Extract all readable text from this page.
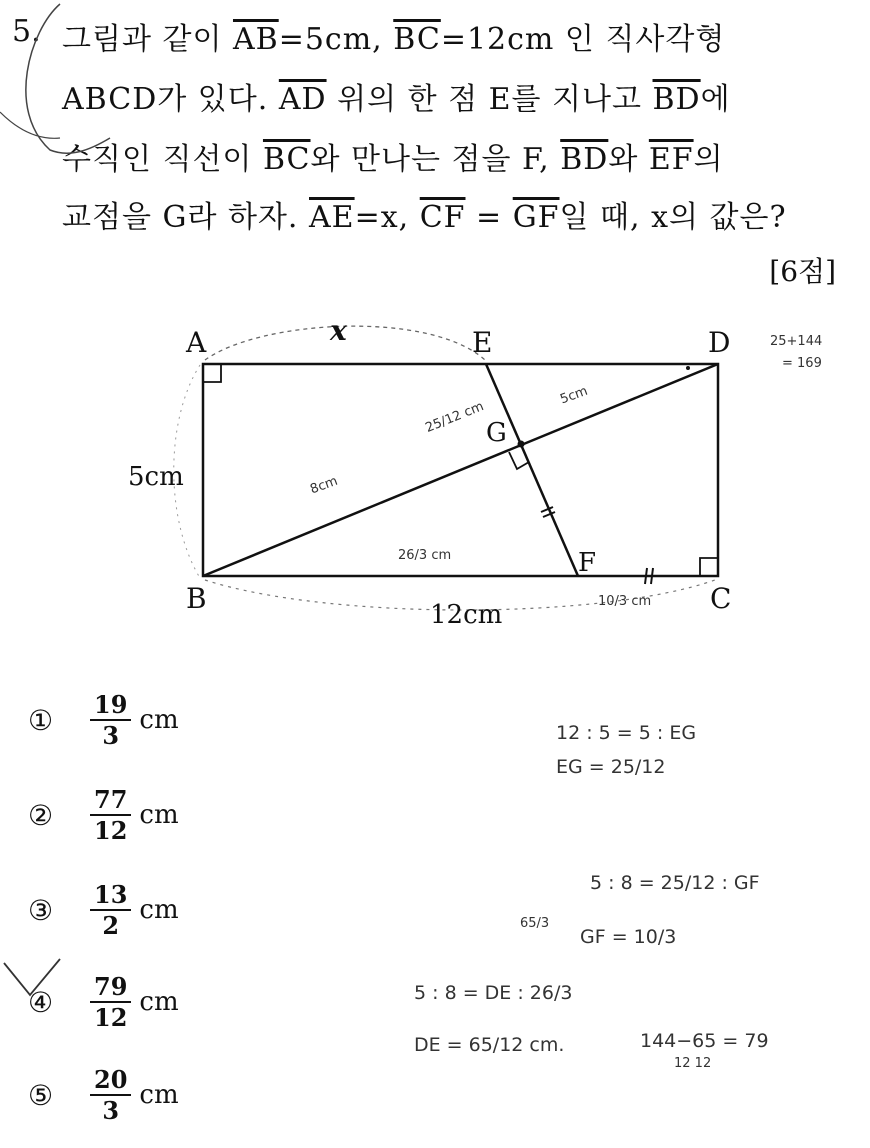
5. 그림과 같이 $\overline{AB}=5cm$, $\overline{BC}=12cm$ 인 직사각형
ABCD가 있다. $\overline{AD}$ 위의 한 점 E를 지나고 $\overline{BD}$에
수직인 직선이 $\overline{BC}$와 만나는 점을 F, $\overline{BD}$와 $\overline{EF}$의
교점을 G라 하자. $\overline{AE}=x$, $\overline{CF} = \overline{GF}$일 때, x의 값은?
[6점]
A	E	D
B
F
C
G
x
5cm
12cm
25+144
= 169
25/12 cm
5cm
8cm
26/3 cm
10/3 cm
①	$\frac{19}{3}$ cm
②	$\frac{77}{12}$ cm
③	$\frac{13}{2}$ cm
④	$\frac{79}{12}$ cm
⑤	$\frac{20}{3}$ cm
12 : 5 = 5 : EG
EG = 25/12
5 : 8 = 25/12 : GF
65/3
GF = 10/3
5 : 8 = DE : 26/3
DE = 65/12 cm.	144−65 = 79
12 12
